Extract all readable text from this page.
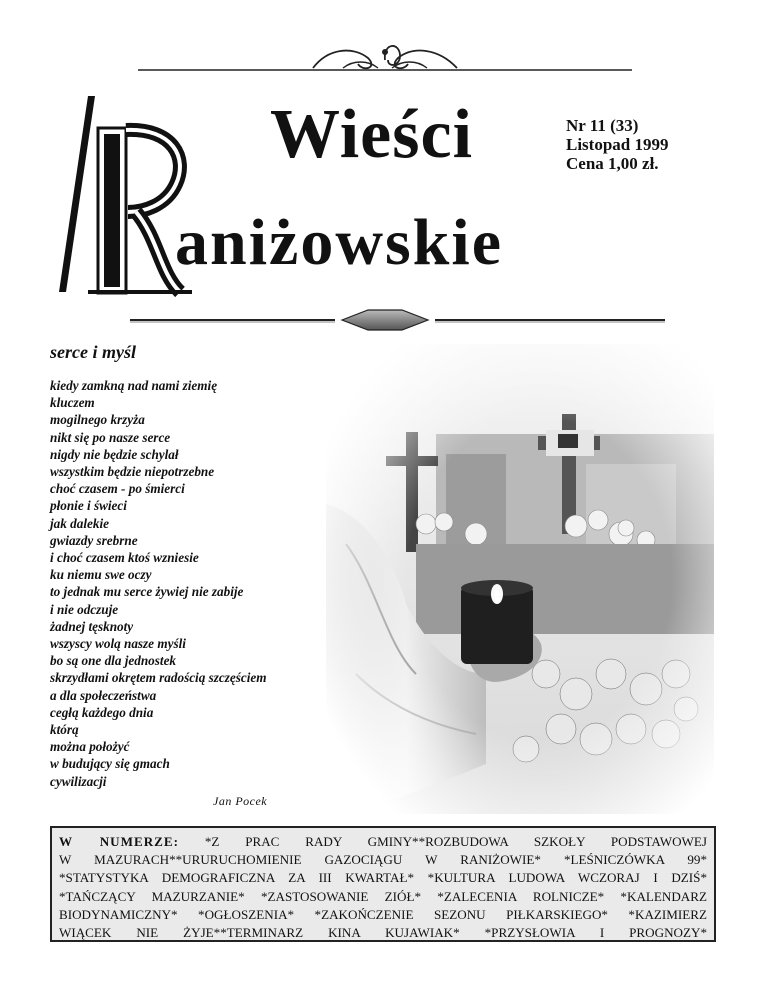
Wieści
aniżowskie
Nr 11 (33)
Listopad 1999
Cena 1,00 zł.
serce i myśl
kiedy zamkną nad nami ziemię
kluczem
mogilnego krzyża
nikt się po nasze serce
nigdy nie będzie schylał
wszystkim będzie niepotrzebne
choć czasem - po śmierci
płonie i świeci
jak dalekie
gwiazdy srebrne
i choć czasem ktoś wzniesie
ku niemu swe oczy
to jednak mu serce żywiej nie zabije
i nie odczuje
żadnej tęsknoty
wszyscy wolą nasze myśli
bo są one dla jednostek
skrzydłami okrętem radością szczęściem
a dla społeczeństwa
cegłą każdego dnia
którą
można położyć
w budujący się gmach
cywilizacji
Jan Pocek

W NUMERZE: *Z PRAC RADY GMINY**ROZBUDOWA SZKOŁY PODSTAWOWEJ

W MAZURACH**URURUCHOMIENIE GAZOCIĄGU W RANIŻOWIE* *LEŚNICZÓWKA 99*

*STATYSTYKA DEMOGRAFICZNA ZA III KWARTAŁ* *KULTURA LUDOWA WCZORAJ I DZIŚ*

*TAŃCZĄCY MAZURZANIE* *ZASTOSOWANIE ZIÓŁ* *ZALECENIA ROLNICZE* *KALENDARZ

BIODYNAMICZNY* *OGŁOSZENIA* *ZAKOŃCZENIE SEZONU PIŁKARSKIEGO* *KAZIMIERZ

WIĄCEK NIE ŻYJE**TERMINARZ KINA KUJAWIAK* *PRZYSŁOWIA I PROGNOZY*
